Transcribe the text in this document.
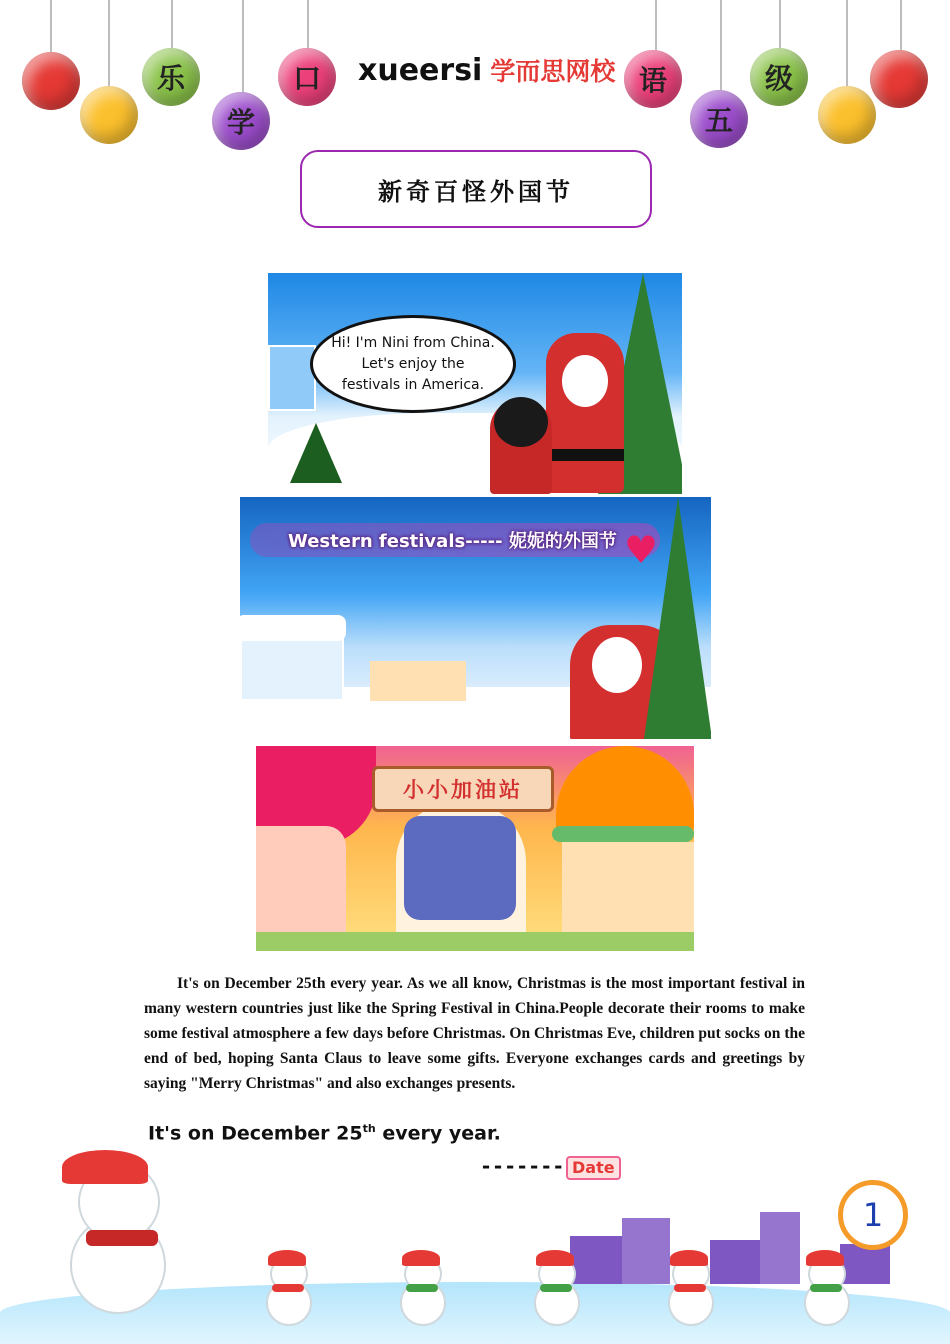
乐
学
口	语
五
级
xueersi 学而思网校
新奇百怪外国节
Hi! I'm Nini from China. Let's enjoy the festivals in America.
♥
Western festivals----- 妮妮的外国节
小小加油站
It's on December 25th every year. As we all know, Christmas is the most important festival in many western countries just like the Spring Festival in China.People decorate their rooms to make some festival atmosphere a few days before Christmas. On Christmas Eve, children put socks on the end of bed, hoping Santa Claus to leave some gifts. Everyone exchanges cards and greetings by saying "Merry Christmas" and also exchanges presents.
It's on December 25th every year.
------- Date
1
